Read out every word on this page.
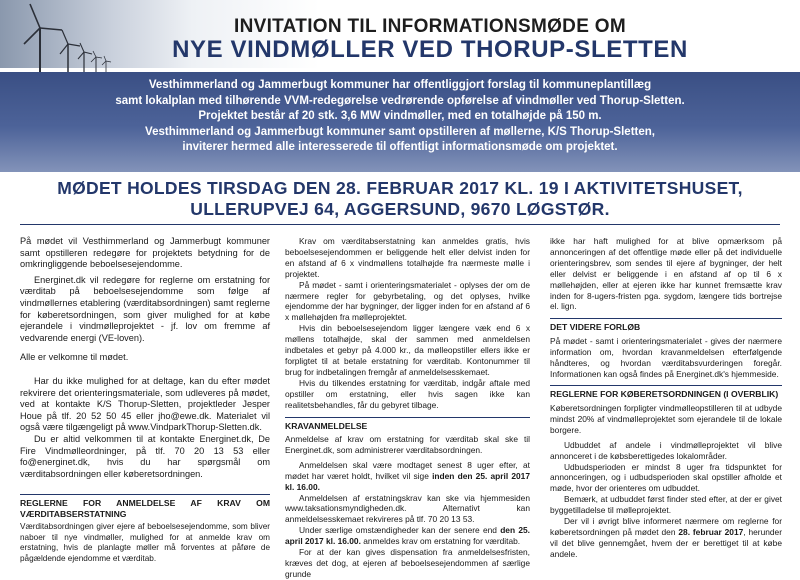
INVITATION TIL INFORMATIONSMØDE OM
NYE VINDMØLLER VED THORUP-SLETTEN

Vesthimmerland og Jammerbugt kommuner har offentliggjort forslag til kommuneplantillæg

samt lokalplan med tilhørende VVM-redegørelse vedrørende opførelse af vindmøller ved Thorup-Sletten.

Projektet består af 20 stk. 3,6 MW vindmøller, med en totalhøjde på 150 m.

Vesthimmerland og Jammerbugt kommuner samt opstilleren af møllerne, K/S Thorup-Sletten,

inviterer hermed alle interesserede til offentligt informationsmøde om projektet.

MØDET HOLDES TIRSDAG DEN 28. FEBRUAR 2017 KL. 19 I AKTIVITETSHUSET,
ULLERUPVEJ 64, AGGERSUND, 9670 LØGSTØR.

På mødet vil Vesthimmerland og Jammerbugt kommuner samt opstilleren redegøre for projektets betydning for de omkringliggende beboelsesejendomme.

Energinet.dk vil redegøre for reglerne om erstatning for værditab på beboelsesejendomme som følge af vindmøllernes etablering (værditabsordningen) samt reglerne for køberetsordningen, som giver mulighed for at købe ejerandele i vindmølleprojektet - jf. lov om fremme af vedvarende energi (VE-loven).

Alle er velkomne til mødet.

Har du ikke mulighed for at deltage, kan du efter mødet rekvirere det orienteringsmateriale, som udleveres på mødet, ved at kontakte K/S Thorup-Sletten, projektleder Jesper Houe på tlf. 20 52 50 45 eller jho@ewe.dk. Materialet vil også være tilgængeligt på www.VindparkThorup-Sletten.dk.

Du er altid velkommen til at kontakte Energinet.dk, De Fire Vindmølleordninger, på tlf. 70 20 13 53 eller fo@energinet.dk, hvis du har spørgsmål om værditabsordningen eller køberetsordningen.

REGLERNE FOR ANMELDELSE AF KRAV OM VÆRDITABSERSTATNING

Værditabsordningen giver ejere af beboelsesejendomme, som bliver naboer til nye vindmøller, mulighed for at anmelde krav om erstatning, hvis de planlagte møller må forventes at påføre de pågældende ejendomme et værditab.

Krav om værditabserstatning kan anmeldes gratis, hvis beboelsesejendommen er beliggende helt eller delvist inden for en afstand af 6 x vindmøllens totalhøjde fra nærmeste mølle i projektet.

På mødet - samt i orienteringsmaterialet - oplyses der om de nærmere regler for gebyrbetaling, og det oplyses, hvilke ejendomme der har bygninger, der ligger inden for en afstand af 6 x møllehøjden fra mølleprojektet.

Hvis din beboelsesejendom ligger længere væk end 6 x møllens totalhøjde, skal der sammen med anmeldelsen indbetales et gebyr på 4.000 kr., da mølleopstiller ellers ikke er forpligtet til at betale erstatning for værditab. Kontonummer til brug for indbetalingen fremgår af anmeldelsesskemaet.

Hvis du tilkendes erstatning for værditab, indgår aftale med opstiller om erstatning, eller hvis sagen ikke kan realitetsbehandles, får du gebyret tilbage.

KRAVANMELDELSE

Anmeldelse af krav om erstatning for værditab skal ske til Energinet.dk, som administrerer værditabsordningen.

Anmeldelsen skal være modtaget senest 8 uger efter, at mødet har været holdt, hvilket vil sige inden den 25. april 2017 kl. 16.00.

Anmeldelsen af erstatningskrav kan ske via hjemmesiden www.taksationsmyndigheden.dk. Alternativt kan anmeldelsesskemaet rekvireres på tlf. 70 20 13 53.

Under særlige omstændigheder kan der senere end den 25. april 2017 kl. 16.00. anmeldes krav om erstatning for værditab.

For at der kan gives dispensation fra anmeldelsesfristen, kræves det dog, at ejeren af beboelsesejendommen af særlige grunde

ikke har haft mulighed for at blive opmærksom på annonceringen af det offentlige møde eller på det individuelle orienteringsbrev, som sendes til ejere af bygninger, der helt eller delvist er beliggende i en afstand af op til 6 x møllehøjden, eller at ejeren ikke har kunnet fremsætte krav inden for 8-ugers-fristen pga. sygdom, længere tids bortrejse el. lign.

DET VIDERE FORLØB

På mødet - samt i orienteringsmaterialet - gives der nærmere information om, hvordan kravanmeldelsen efterfølgende håndteres, og hvordan værditabsvurderingen foregår. Informationen kan også findes på Energinet.dk's hjemmeside.

REGLERNE FOR KØBERETSORDNINGEN (I OVERBLIK)

Køberetsordningen forpligter vindmølleopstilleren til at udbyde mindst 20% af vindmølleprojektet som ejerandele til de lokale borgere.

Udbuddet af andele i vindmølleprojektet vil blive annonceret i de købsberettigedes lokalområder.

Udbudsperioden er mindst 8 uger fra tidspunktet for annonceringen, og i udbudsperioden skal opstiller afholde et møde, hvor der orienteres om udbuddet.

Bemærk, at udbuddet først finder sted efter, at der er givet byggetilladelse til mølleprojektet.

Der vil i øvrigt blive informeret nærmere om reglerne for køberetsordningen på mødet den 28. februar 2017, herunder vil det blive gennemgået, hvem der er berettiget til at købe andele.
